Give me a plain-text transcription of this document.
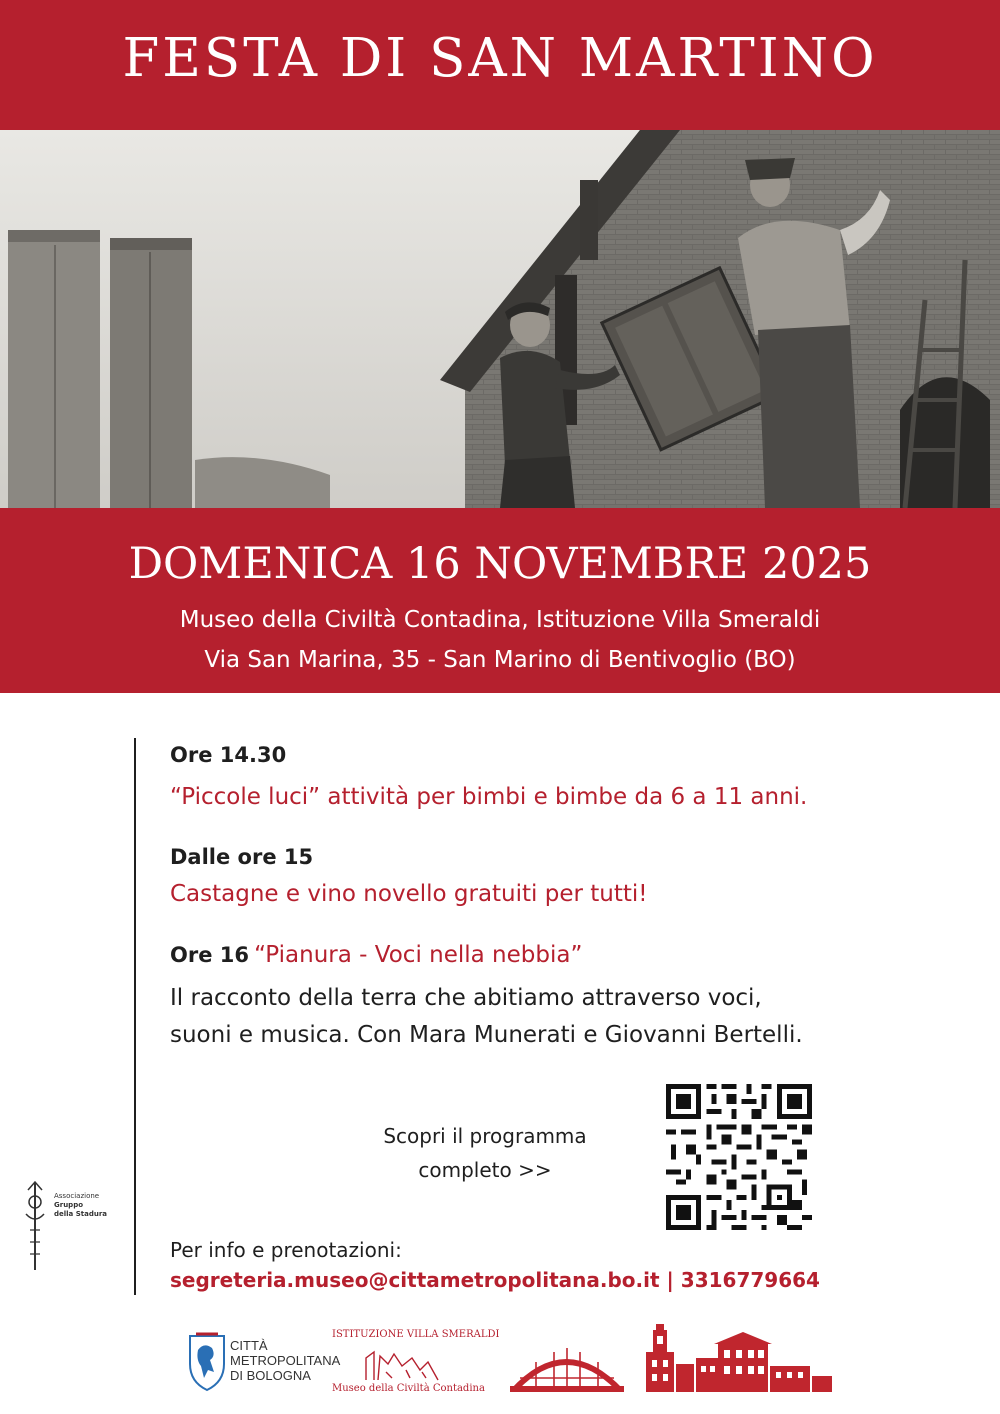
FESTA DI SAN MARTINO
DOMENICA 16 NOVEMBRE 2025
Museo della Civiltà Contadina, Istituzione Villa Smeraldi
Via San Marina, 35 - San Marino di Bentivoglio (BO)
Ore 14.30
“Piccole luci” attività per bimbi e bimbe da 6 a 11 anni.
Dalle ore 15
Castagne e vino novello gratuiti per tutti!
Ore 16 “Pianura - Voci nella nebbia”
Il racconto della terra che abitiamo attraverso voci,
suoni e musica. Con Mara Munerati e Giovanni Bertelli.
Scopri il programma
completo >>
Per info e prenotazioni:
segreteria.museo@cittametropolitana.bo.it | 3316779664
Associazione
Gruppo
della Stadura
CITTÀ
METROPOLITANA
DI BOLOGNA
ISTITUZIONE VILLA SMERALDI
Museo della Civiltà Contadina
